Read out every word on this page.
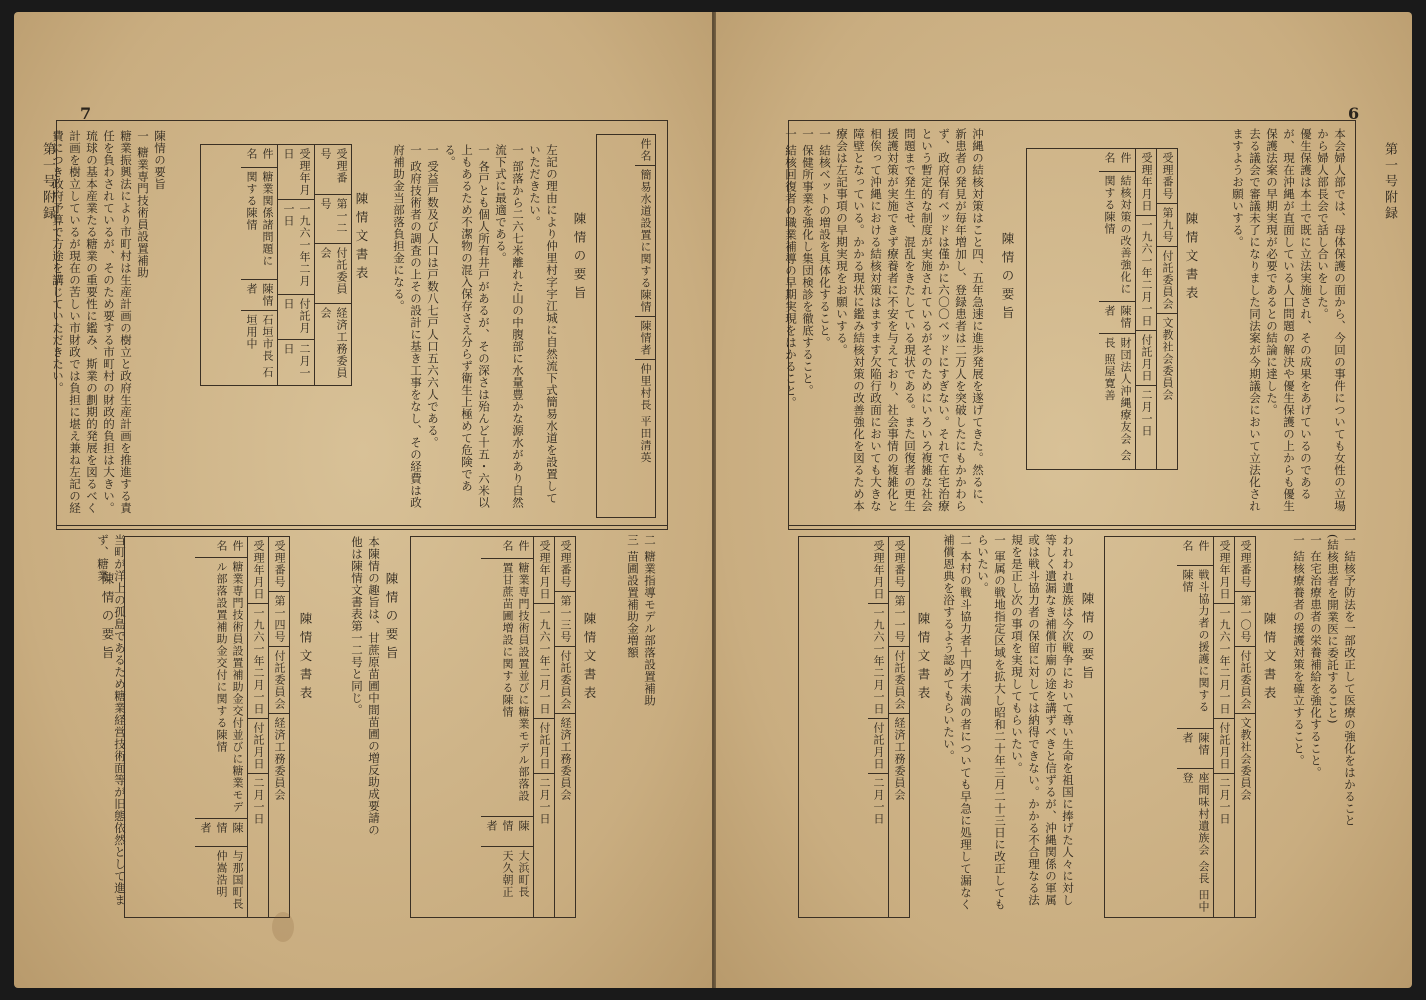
7
第一号附録	陳情の要旨

一 糖業専門技術員設置補助

糖業振興法により市町村は生産計画の樹立と政府生産計画を推進する責任を負わされているが、そのため要する市町村の財政的負担は大きい。琉球の基本産業たる糖業の重要性に鑑み、斯業の劃期的発展を図るべく計画を樹立しているが現在の苦しい市財政では負担に堪え兼ね左記の経費につき政府予算で方途を講じていただきたい。	受理番号
第一二号
付託委員会
経済工務委員会
受理年月日
一九六一年二月一日
付託月日
二月一日
件名
糖業関係諸問題に関する陳情
陳情者
石垣市長 石垣用中
陳情文書表	左記の理由により仲里村字宇江城に自然流下式簡易水道を設置していただきたい。

一 部落から二六七米離れた山の中腹部に水量豊かな源水があり自然流下式に最適である。

一 各戸とも個人所有井戸があるが、その深さは殆んど十五・六米以上もあるため不潔物の混入保存さえ分らず衛生上極めて危険である。

一 受益戸数及び人口は戸数八七戸人口五六六人である。

一 政府技術者の調査の上その設計に基き工事をなし、その経費は政府補助金当部落負担金になる。	陳情の要旨
件名
簡易水道設置に関する陳情
陳情者
仲里村長 平田清英

当町が洋上の孤島であるため糖業経営技術面等が旧態依然として進まず、糖業

陳情の要旨
受理番号
第一四号
付託委員会
経済工務委員会
受理年月日
一九六一年二月一日
付託月日
二月一日
件名
糖業専門技術員設置補助金交付並びに糖業モデル部落設置補助金交付に関する陳情
陳情者
与那国町長 仲嵩浩明
陳情文書表	本陳情の趣旨は、甘蔗原苗圃中間苗圃の増反助成要請の他は陳情文書表第一二号と同じ。	陳情の要旨
受理番号
第一三号
付託委員会
経済工務委員会
受理年月日
一九六一年二月一日
付託月日
二月一日
件名
糖業専門技術員設置並びに糖業モデル部落設置甘蔗苗圃増設に関する陳情
陳情者
大浜町長 天久朝正
陳情文書表	二 糖業指導モデル部落設置補助

三 苗圃設置補助金増額

6
第一号附録

沖縄の結核対策はこと四、五年急速に進歩発展を遂げてきた。然るに、新患者の発見が毎年増加し、登録患者は二万人を突破したにもかかわらず、政府保有ベッドは僅かに六〇〇ベッドにすぎない。それで在宅治療という暫定的な制度が実施されているがそのためにいろいろ複雑な社会問題まで発生させ、混乱をきたしている現状である。また回復者の更生援護対策が実施できず療養者に不安を与えており、社会事情の複雑化と相俟って沖縄における結核対策はますます欠陥行政面においても大きな障壁となっている。かかる現状に鑑み結核対策の改善強化を図るため本療会は左記事項の早期実現をお願いする。

一 結核ベットの増設を具体化すること。

一 保健所事業を強化し集団検診を徹底すること。

一 結核回復者の職業補導の早期実現をはかること。	陳情の要旨
受理番号
第九号
付託委員会
文教社会委員会
受理年月日
一九六一年二月一日
付託月日
二月一日
件名
結核対策の改善強化に関する陳情
陳情者
財団法人沖縄療友会 会長 照屋寛善
陳情文書表	本会婦人部では、母体保護の面から、今回の事件についても女性の立場から婦人部長会で話し合いをした。

優生保護は本土で既に立法実施され、その成果をあげているのであるが、現在沖縄が直面している人口問題の解決や優生保護の上からも優生保護法案の早期実現が必要であるとの結論に達した。

去る議会で審議未了になりました同法案が今期議会において立法化されますようお願いする。

受理番号
第一一号
付託委員会
経済工務委員会
受理年月日
一九六一年二月一日
付託月日
二月一日
陳情文書表	われわれ遺族は今次戦争において尊い生命を祖国に捧げた人々に対し等しく遺漏なき補償市廟の途を講ずべきと信ずるが、沖縄関係の軍属或は戦斗協力者の保留に対しては納得できない。かかる不合理なる法規を是正し次の事項を実現してもらいたい。

一 軍属の戦地指定区域を拡大し昭和二十年三月二十三日に改正してもらいたい。

二 本村の戦斗協力者十四才未満の者についても早急に処理して漏なく補償恩典を浴するよう認めてもらいたい。	陳情の要旨
受理番号
第一〇号
付託委員会
文教社会委員会
受理年月日
一九六一年二月一日
付託月日
二月一日
件名
戦斗協力者の援護に関する陳情
陳情者
座間味村遺族会 会長 田中登
陳情文書表	一 結核予防法を一部改正して医療の強化をはかること(結核患者を開業医に委託すること)

一 在宅治療患者の栄養補給を強化すること。

一 結核療養者の援護対策を確立すること。
